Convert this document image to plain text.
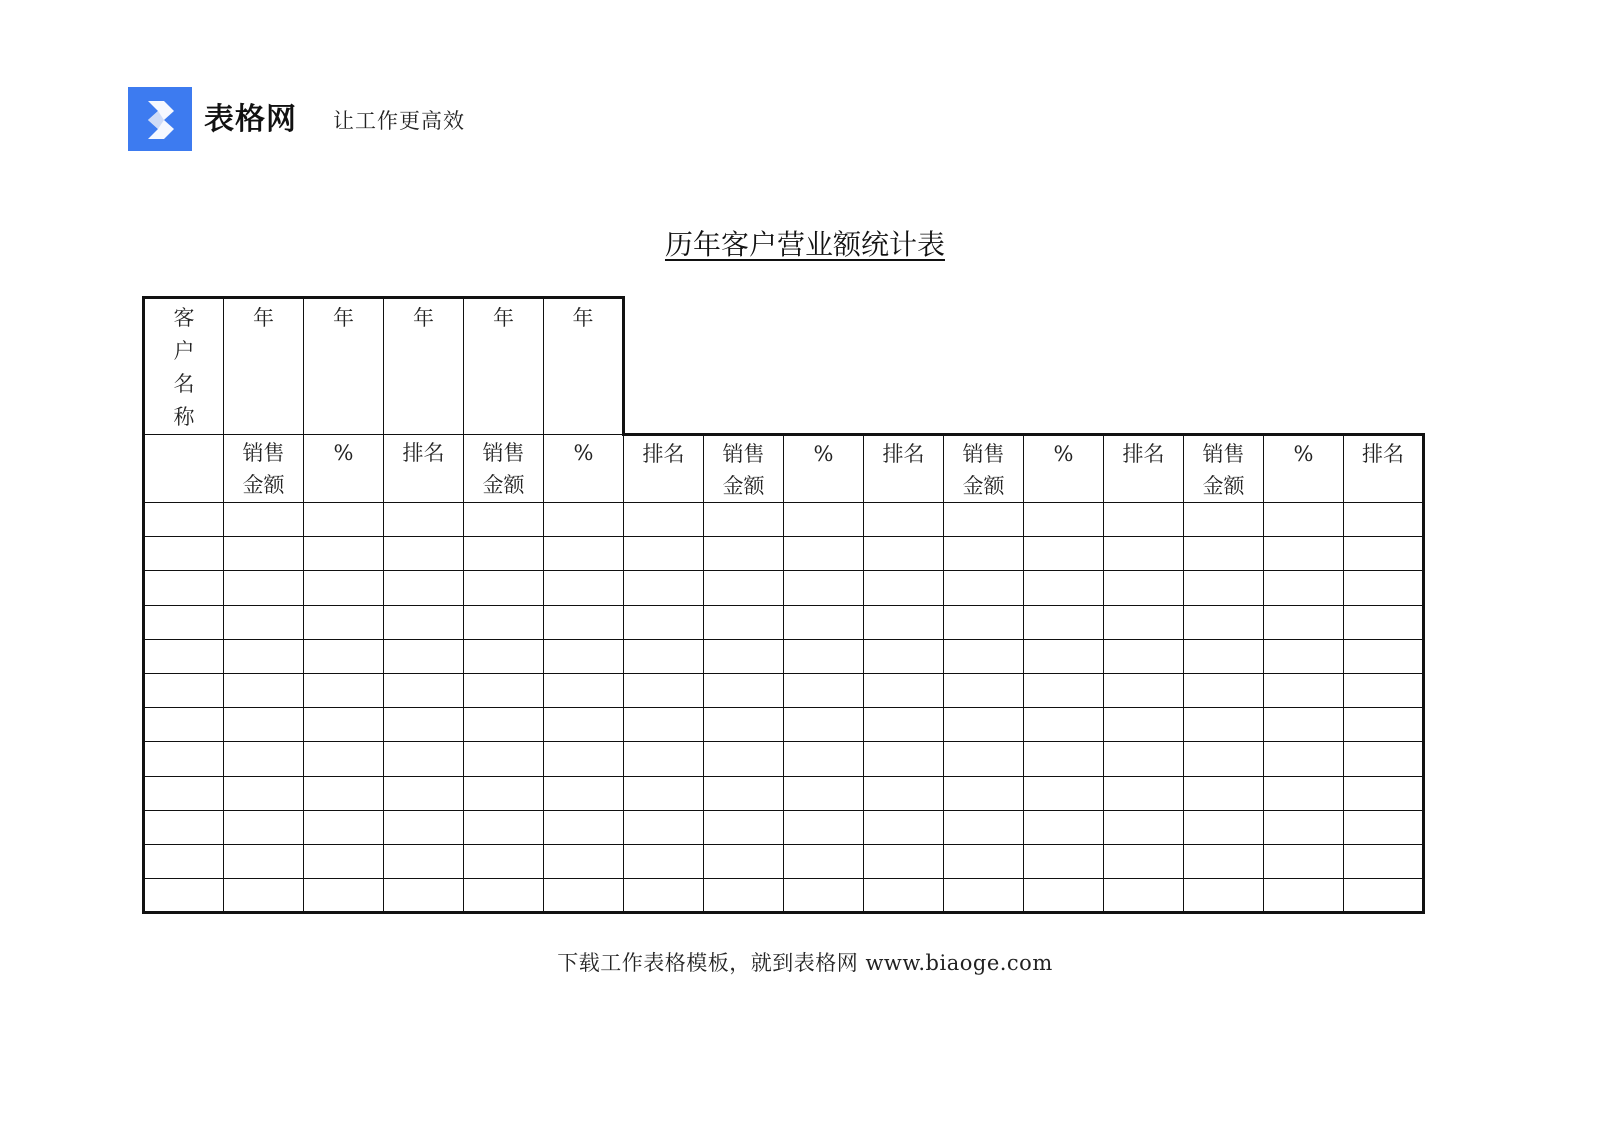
表格网 让工作更高效
历年客户营业额统计表
客户名称	年	年	年	年	年										

	销售金额	%	排名	销售金额	%	排名	销售金额	%	排名	销售金额	%	排名	销售金额	%	排名

下载工作表格模板，就到表格网 www.biaoge.com
